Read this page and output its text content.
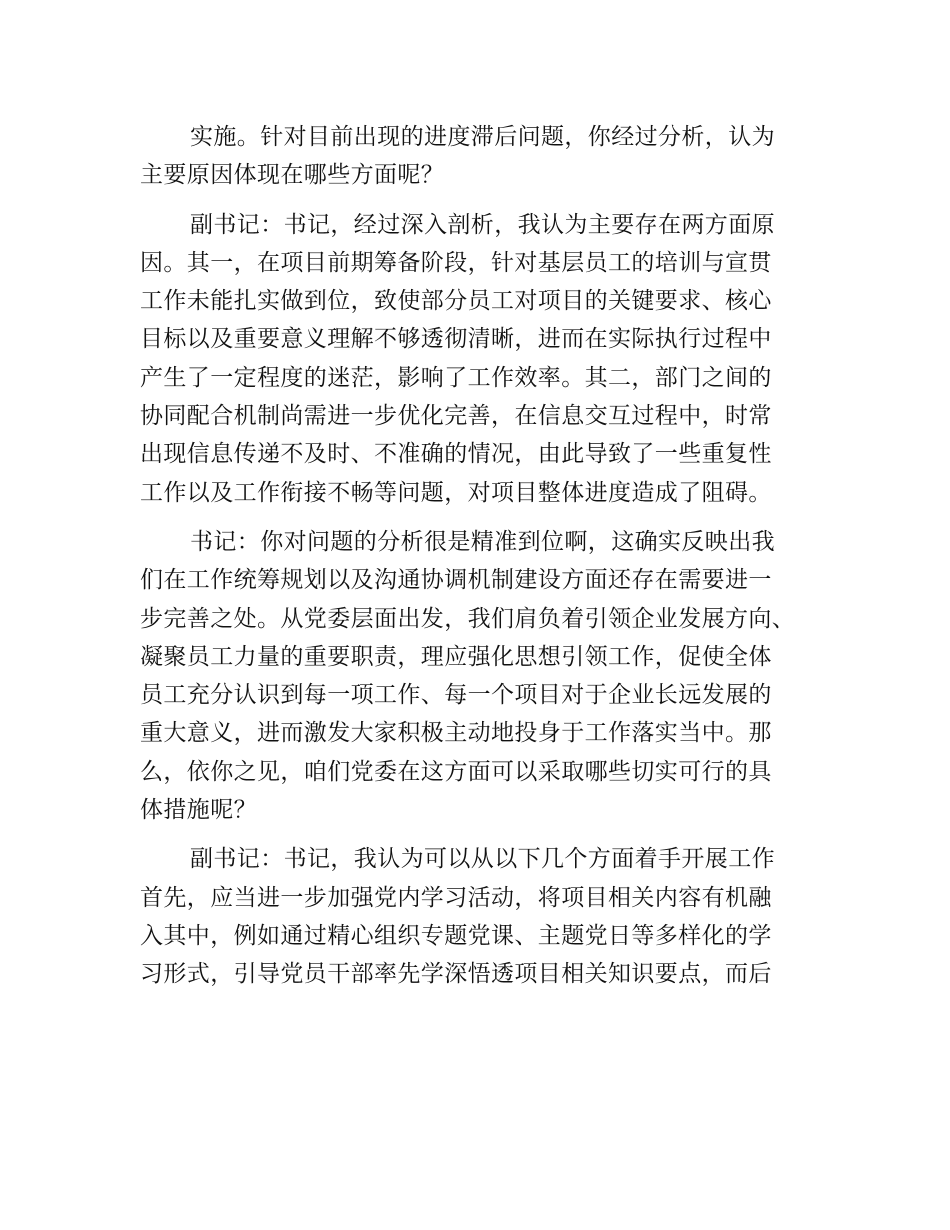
实施。针对目前出现的进度滞后问题，你经过分析，认为
主要原因体现在哪些方面呢？

副书记：书记，经过深入剖析，我认为主要存在两方面原
因。其一，在项目前期筹备阶段，针对基层员工的培训与宣贯
工作未能扎实做到位，致使部分员工对项目的关键要求、核心
目标以及重要意义理解不够透彻清晰，进而在实际执行过程中
产生了一定程度的迷茫，影响了工作效率。其二，部门之间的
协同配合机制尚需进一步优化完善，在信息交互过程中，时常
出现信息传递不及时、不准确的情况，由此导致了一些重复性
工作以及工作衔接不畅等问题，对项目整体进度造成了阻碍。

书记：你对问题的分析很是精准到位啊，这确实反映出我
们在工作统筹规划以及沟通协调机制建设方面还存在需要进一
步完善之处。从党委层面出发，我们肩负着引领企业发展方向、
凝聚员工力量的重要职责，理应强化思想引领工作，促使全体
员工充分认识到每一项工作、每一个项目对于企业长远发展的
重大意义，进而激发大家积极主动地投身于工作落实当中。那
么，依你之见，咱们党委在这方面可以采取哪些切实可行的具
体措施呢？

副书记：书记，我认为可以从以下几个方面着手开展工作
首先，应当进一步加强党内学习活动，将项目相关内容有机融
入其中，例如通过精心组织专题党课、主题党日等多样化的学
习形式，引导党员干部率先学深悟透项目相关知识要点，而后
